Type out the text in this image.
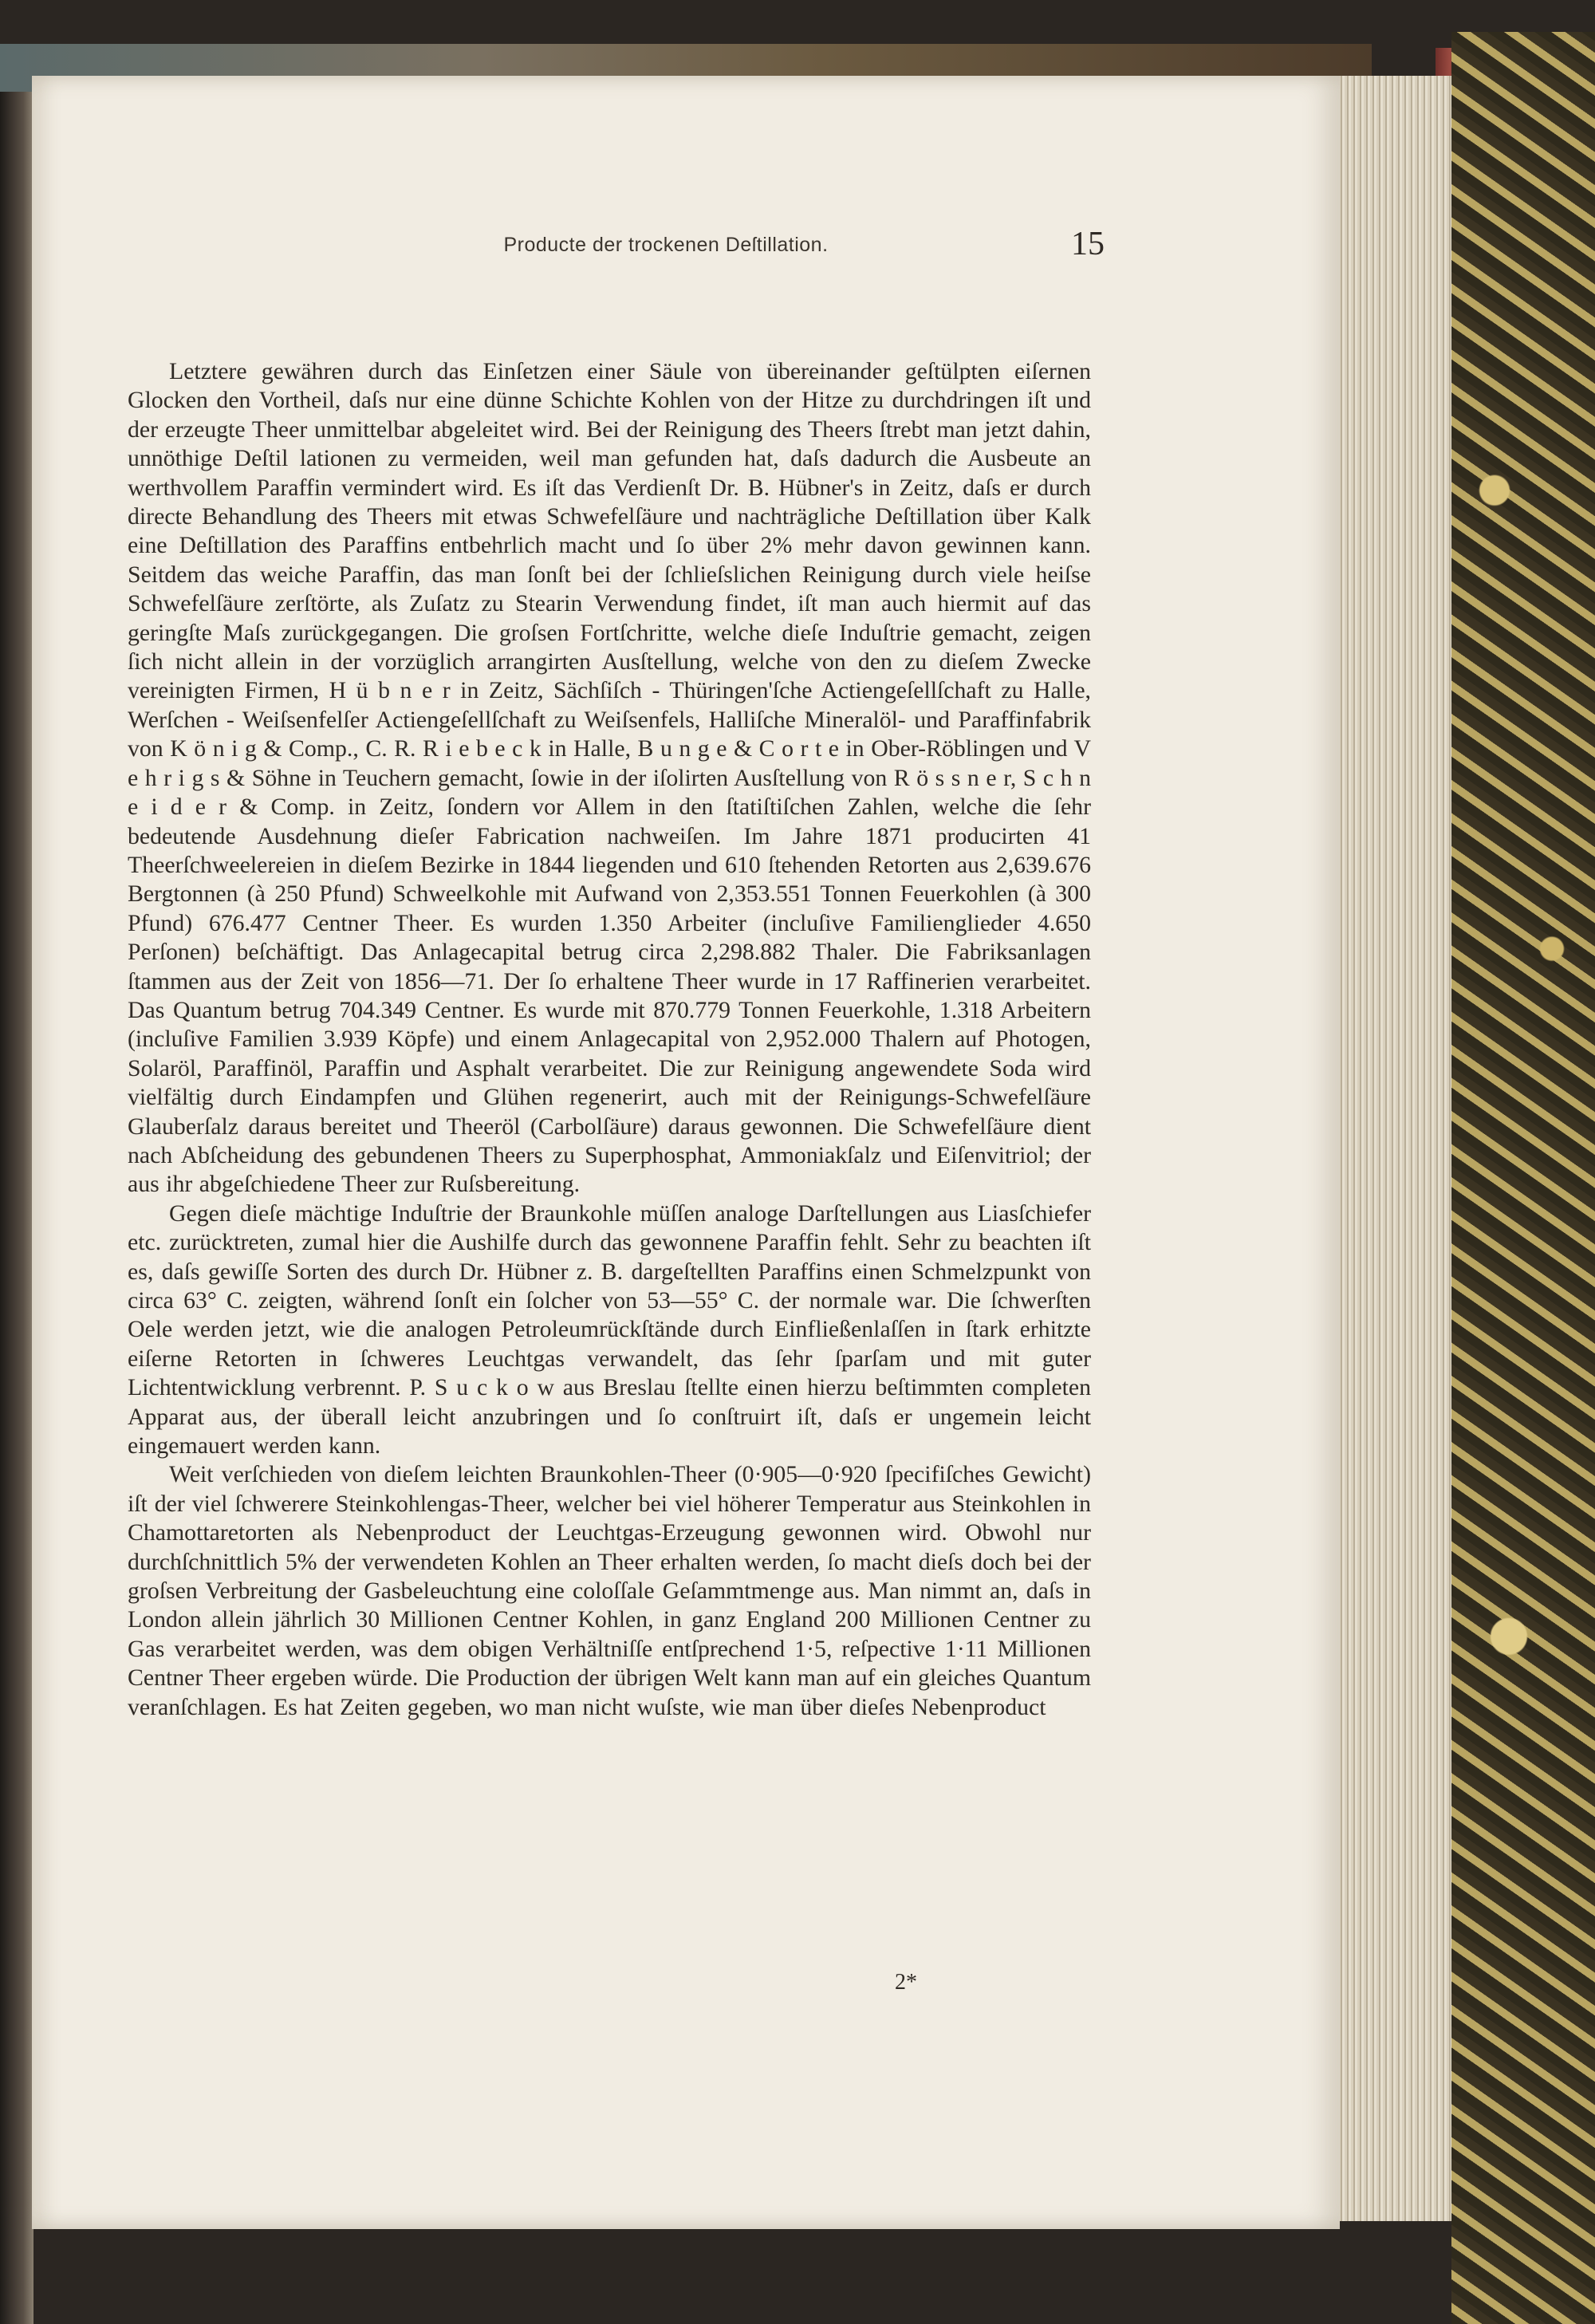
Producte der trockenen Deſtillation.	15

Letztere gewähren durch das Einſetzen einer Säule von übereinander geſtülpten eiſernen Glocken den Vortheil, daſs nur eine dünne Schichte Kohlen von der Hitze zu durchdringen iſt und der erzeugte Theer unmittelbar abgeleitet wird. Bei der Reinigung des Theers ſtrebt man jetzt dahin, unnöthige Deſtil lationen zu vermeiden, weil man gefunden hat, daſs dadurch die Ausbeute an werthvollem Paraffin vermindert wird. Es iſt das Verdienſt Dr. B. Hübner's in Zeitz, daſs er durch directe Behandlung des Theers mit etwas Schwefelſäure und nachträgliche Deſtillation über Kalk eine Deſtillation des Paraffins entbehrlich macht und ſo über 2% mehr davon gewinnen kann. Seitdem das weiche Paraffin, das man ſonſt bei der ſchlieſslichen Reinigung durch viele heiſse Schwefelſäure zerſtörte, als Zuſatz zu Stearin Verwendung findet, iſt man auch hiermit auf das geringſte Maſs zurückgegangen. Die groſsen Fortſchritte, welche dieſe Induſtrie gemacht, zeigen ſich nicht allein in der vorzüglich arrangirten Ausſtellung, welche von den zu dieſem Zwecke vereinigten Firmen, H ü b n e r in Zeitz, Sächſiſch - Thüringen'ſche Actiengeſellſchaft zu Halle, Werſchen - Weiſsenfelſer Actiengeſellſchaft zu Weiſsenfels, Halliſche Mineralöl- und Paraffinfabrik von K ö n i g & Comp., C. R. R i e b e c k in Halle, B u n g e & C o r t e in Ober-Röblingen und V e h r i g s & Söhne in Teuchern gemacht, ſowie in der iſolirten Ausſtellung von R ö s s n e r, S c h n e i d e r & Comp. in Zeitz, ſondern vor Allem in den ſtatiſtiſchen Zahlen, welche die ſehr bedeutende Ausdehnung dieſer Fabrication nachweiſen. Im Jahre 1871 producirten 41 Theerſchweelereien in dieſem Bezirke in 1844 liegenden und 610 ſtehenden Retorten aus 2,639.676 Bergtonnen (à 250 Pfund) Schweelkohle mit Aufwand von 2,353.551 Tonnen Feuerkohlen (à 300 Pfund) 676.477 Centner Theer. Es wurden 1.350 Arbeiter (incluſive Familienglieder 4.650 Perſonen) beſchäftigt. Das Anlagecapital betrug circa 2,298.882 Thaler. Die Fabriksanlagen ſtammen aus der Zeit von 1856—71. Der ſo erhaltene Theer wurde in 17 Raffinerien verarbeitet. Das Quantum betrug 704.349 Centner. Es wurde mit 870.779 Tonnen Feuerkohle, 1.318 Arbeitern (incluſive Familien 3.939 Köpfe) und einem Anlagecapital von 2,952.000 Thalern auf Photogen, Solaröl, Paraffinöl, Paraffin und Asphalt verarbeitet. Die zur Reinigung angewendete Soda wird vielfältig durch Eindampfen und Glühen regenerirt, auch mit der Reinigungs-Schwefelſäure Glauberſalz daraus bereitet und Theeröl (Carbolſäure) daraus gewonnen. Die Schwefelſäure dient nach Abſcheidung des gebundenen Theers zu Superphosphat, Ammoniakſalz und Eiſenvitriol; der aus ihr abgeſchiedene Theer zur Ruſsbereitung.

Gegen dieſe mächtige Induſtrie der Braunkohle müſſen analoge Darſtellungen aus Liasſchiefer etc. zurücktreten, zumal hier die Aushilfe durch das gewonnene Paraffin fehlt. Sehr zu beachten iſt es, daſs gewiſſe Sorten des durch Dr. Hübner z. B. dargeſtellten Paraffins einen Schmelzpunkt von circa 63° C. zeigten, während ſonſt ein ſolcher von 53—55° C. der normale war. Die ſchwerſten Oele werden jetzt, wie die analogen Petroleumrückſtände durch Einfließenlaſſen in ſtark erhitzte eiſerne Retorten in ſchweres Leuchtgas verwandelt, das ſehr ſparſam und mit guter Lichtentwicklung verbrennt. P. S u c k o w aus Breslau ſtellte einen hierzu beſtimmten completen Apparat aus, der überall leicht anzubringen und ſo conſtruirt iſt, daſs er ungemein leicht eingemauert werden kann.

Weit verſchieden von dieſem leichten Braunkohlen-Theer (0·905—0·920 ſpecifiſches Gewicht) iſt der viel ſchwerere Steinkohlengas-Theer, welcher bei viel höherer Temperatur aus Steinkohlen in Chamottaretorten als Nebenproduct der Leuchtgas-Erzeugung gewonnen wird. Obwohl nur durchſchnittlich 5% der verwendeten Kohlen an Theer erhalten werden, ſo macht dieſs doch bei der groſsen Verbreitung der Gasbeleuchtung eine coloſſale Geſammtmenge aus. Man nimmt an, daſs in London allein jährlich 30 Millionen Centner Kohlen, in ganz England 200 Millionen Centner zu Gas verarbeitet werden, was dem obigen Verhältniſſe entſprechend 1·5, reſpective 1·11 Millionen Centner Theer ergeben würde. Die Production der übrigen Welt kann man auf ein gleiches Quantum veranſchlagen. Es hat Zeiten gegeben, wo man nicht wuſste, wie man über dieſes Nebenproduct

2*
